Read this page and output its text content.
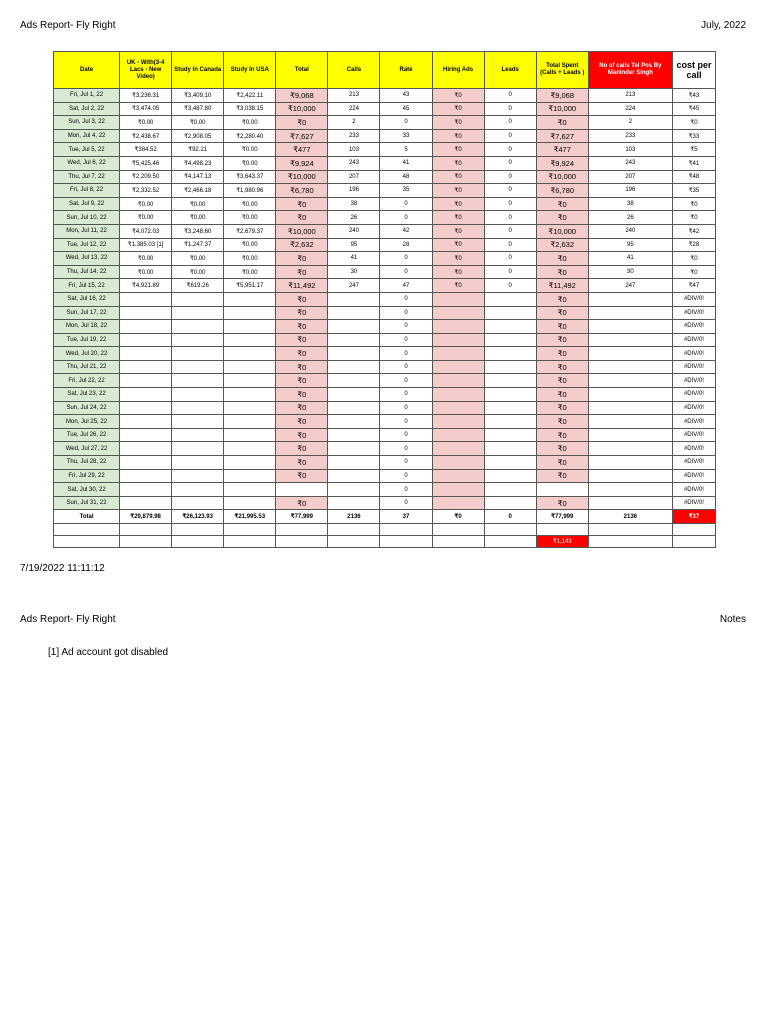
Ads Report- Fly Right	July, 2022
Date	UK - With(3-4 Lacs - New Video)	Study In Canada	Study In USA	Total	Calls	Rate	Hiring Ads	Leads	Total Spent (Calls + Leads )	No of calls Tel Pos By Maninder Singh	cost per call
Fri, Jul 1, 22	₹3,236.31	₹3,409.10	₹2,422.11	₹9,068	213	43	₹0	0	₹9,068	213	₹43
Sat, Jul 2, 22	₹3,474.05	₹3,487.80	₹3,038.15	₹10,000	224	45	₹0	0	₹10,000	224	₹45
Sun, Jul 3, 22	₹0.00	₹0.00	₹0.00	₹0	2	0	₹0	0	₹0	2	₹0
Mon, Jul 4, 22	₹2,438.67	₹2,908.05	₹2,280.40	₹7,627	233	33	₹0	0	₹7,627	233	₹33
Tue, Jul 5, 22	₹384.52	₹92.21	₹0.00	₹477	103	5	₹0	0	₹477	103	₹5
Wed, Jul 6, 22	₹5,425.46	₹4,498.23	₹0.00	₹9,924	243	41	₹0	0	₹9,924	243	₹41
Thu, Jul 7, 22	₹2,209.50	₹4,147.13	₹3,643.37	₹10,000	207	48	₹0	0	₹10,000	207	₹48
Fri, Jul 8, 22	₹2,332.52	₹2,466.18	₹1,980.96	₹6,780	196	35	₹0	0	₹6,780	196	₹35
Sat, Jul 9, 22	₹0.00	₹0.00	₹0.00	₹0	38	0	₹0	0	₹0	38	₹0
Sun, Jul 10, 22	₹0.00	₹0.00	₹0.00	₹0	26	0	₹0	0	₹0	26	₹0
Mon, Jul 11, 22	₹4,072.03	₹3,248.60	₹2,679.37	₹10,000	240	42	₹0	0	₹10,000	240	₹42
Tue, Jul 12, 22	₹1,385.03 [1]	₹1,247.37	₹0.00	₹2,632	95	28	₹0	0	₹2,632	95	₹28
Wed, Jul 13, 22	₹0.00	₹0.00	₹0.00	₹0	41	0	₹0	0	₹0	41	₹0
Thu, Jul 14, 22	₹0.00	₹0.00	₹0.00	₹0	30	0	₹0	0	₹0	30	₹0
Fri, Jul 15, 22	₹4,921.89	₹619.26	₹5,951.17	₹11,492	247	47	₹0	0	₹11,492	247	₹47
Sat, Jul 16, 22				₹0		0			₹0		#DIV/0!
Sun, Jul 17, 22				₹0		0			₹0		#DIV/0!
Mon, Jul 18, 22				₹0		0			₹0		#DIV/0!
Tue, Jul 19, 22				₹0		0			₹0		#DIV/0!
Wed, Jul 20, 22				₹0		0			₹0		#DIV/0!
Thu, Jul 21, 22				₹0		0			₹0		#DIV/0!
Fri, Jul 22, 22				₹0		0			₹0		#DIV/0!
Sat, Jul 23, 22				₹0		0			₹0		#DIV/0!
Sun, Jul 24, 22				₹0		0			₹0		#DIV/0!
Mon, Jul 25, 22				₹0		0			₹0		#DIV/0!
Tue, Jul 26, 22				₹0		0			₹0		#DIV/0!
Wed, Jul 27, 22				₹0		0			₹0		#DIV/0!
Thu, Jul 28, 22				₹0		0			₹0		#DIV/0!
Fri, Jul 29, 22				₹0		0			₹0		#DIV/0!
Sat, Jul 30, 22						0					#DIV/0!
Sun, Jul 31, 22				₹0		0			₹0		#DIV/0!
Total	₹29,879.98	₹26,123.93	₹21,995.53	₹77,999	2136	37	₹0	0	₹77,999	2136	₹37

									₹1,143		
7/19/2022 11:11:12
Ads Report- Fly Right	Notes
[1] Ad account got disabled
